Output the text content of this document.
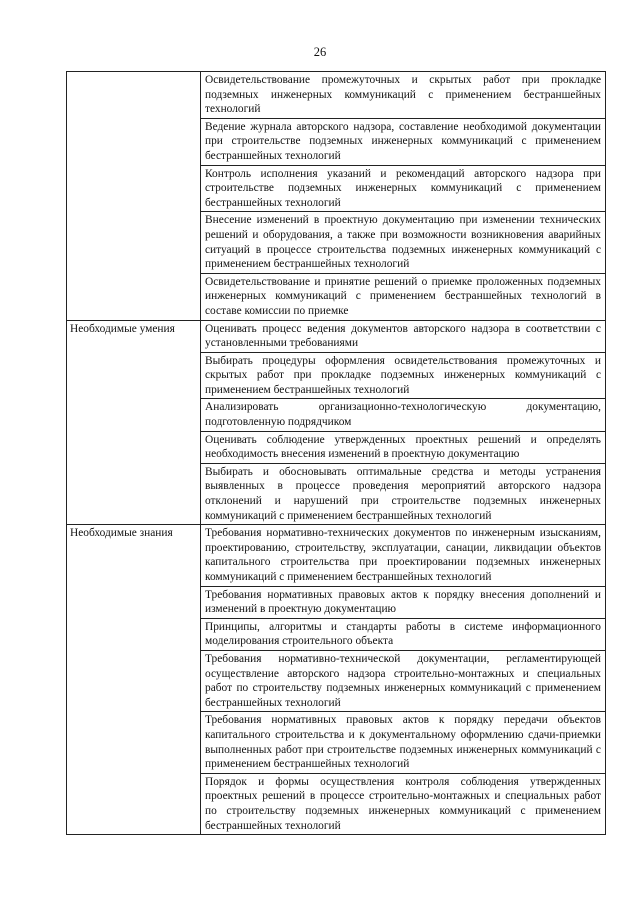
26

	Освидетельствование промежуточных и скрытых работ при прокладке подземных инженерных коммуникаций с применением бестраншейных технологий

	Ведение журнала авторского надзора, составление необходимой документации при строительстве подземных инженерных коммуникаций с применением бестраншейных технологий

	Контроль исполнения указаний и рекомендаций авторского надзора при строительстве подземных инженерных коммуникаций с применением бестраншейных технологий

	Внесение изменений в проектную документацию при изменении технических решений и оборудования, а также при возможности возникновения аварийных ситуаций в процессе строительства подземных инженерных коммуникаций с применением бестраншейных технологий

	Освидетельствование и принятие решений о приемке проложенных подземных инженерных коммуникаций с применением бестраншейных технологий в составе комиссии по приемке

Необходимые умения	Оценивать процесс ведения документов авторского надзора в соответствии с установленными требованиями

	Выбирать процедуры оформления освидетельствования промежуточных и скрытых работ при прокладке подземных инженерных коммуникаций с применением бестраншейных технологий

	Анализировать организационно-технологическую документацию, подготовленную подрядчиком

	Оценивать соблюдение утвержденных проектных решений и определять необходимость внесения изменений в проектную документацию

	Выбирать и обосновывать оптимальные средства и методы устранения выявленных в процессе проведения мероприятий авторского надзора отклонений и нарушений при строительстве подземных инженерных коммуникаций с применением бестраншейных технологий

Необходимые знания	Требования нормативно-технических документов по инженерным изысканиям, проектированию, строительству, эксплуатации, санации, ликвидации объектов капитального строительства при проектировании подземных инженерных коммуникаций с применением бестраншейных технологий

	Требования нормативных правовых актов к порядку внесения дополнений и изменений в проектную документацию

	Принципы, алгоритмы и стандарты работы в системе информационного моделирования строительного объекта

	Требования нормативно-технической документации, регламентирующей осуществление авторского надзора строительно-монтажных и специальных работ по строительству подземных инженерных коммуникаций с применением бестраншейных технологий

	Требования нормативных правовых актов к порядку передачи объектов капитального строительства и к документальному оформлению сдачи-приемки выполненных работ при строительстве подземных инженерных коммуникаций с применением бестраншейных технологий

	Порядок и формы осуществления контроля соблюдения утвержденных проектных решений в процессе строительно-монтажных и специальных работ по строительству подземных инженерных коммуникаций с применением бестраншейных технологий
